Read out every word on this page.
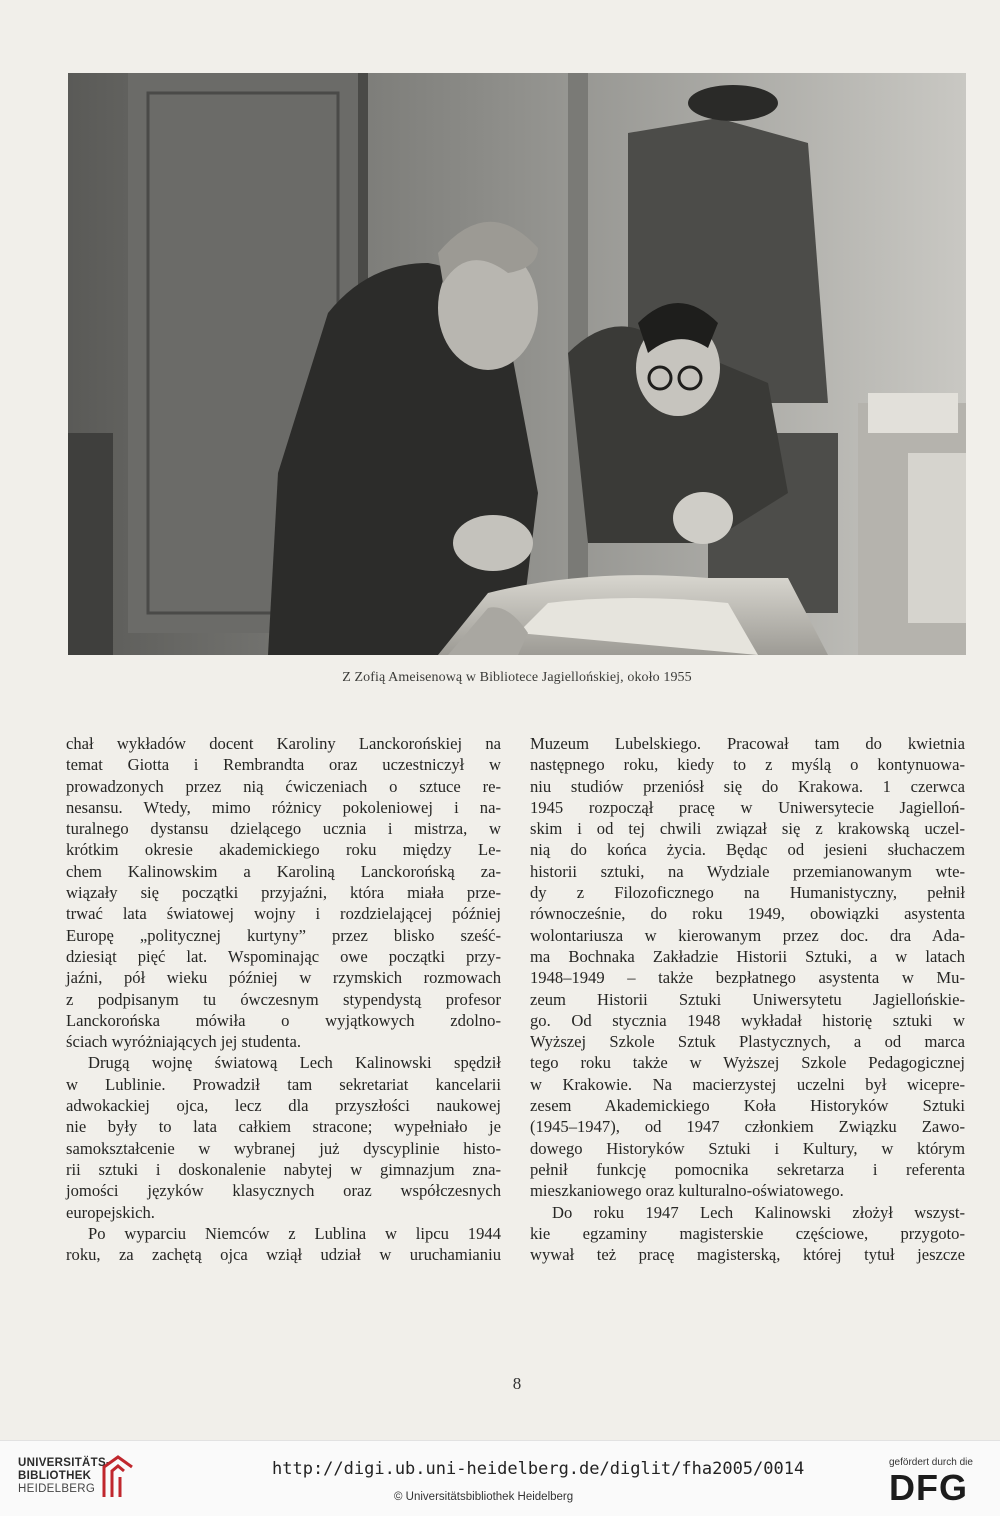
Z Zofią Ameisenową w Bibliotece Jagiellońskiej, około 1955
chał wykładów docent Karoliny Lanckorońskiej na
temat Giotta i Rembrandta oraz uczestniczył w
prowadzonych przez nią ćwiczeniach o sztuce re-
nesansu. Wtedy, mimo różnicy pokoleniowej i na-
turalnego dystansu dzielącego ucznia i mistrza, w
krótkim okresie akademickiego roku między Le-
chem Kalinowskim a Karoliną Lanckorońską za-
wiązały się początki przyjaźni, która miała prze-
trwać lata światowej wojny i rozdzielającej później
Europę „politycznej kurtyny” przez blisko sześć-
dziesiąt pięć lat. Wspominając owe początki przy-
jaźni, pół wieku później w rzymskich rozmowach
z podpisanym tu ówczesnym stypendystą profesor
Lanckorońska mówiła o wyjątkowych zdolno-
ściach wyróżniających jej studenta.
Drugą wojnę światową Lech Kalinowski spędził
w Lublinie. Prowadził tam sekretariat kancelarii
adwokackiej ojca, lecz dla przyszłości naukowej
nie były to lata całkiem stracone; wypełniało je
samokształcenie w wybranej już dyscyplinie histo-
rii sztuki i doskonalenie nabytej w gimnazjum zna-
jomości języków klasycznych oraz współczesnych
europejskich.
Po wyparciu Niemców z Lublina w lipcu 1944
roku, za zachętą ojca wziął udział w uruchamianiu
Muzeum Lubelskiego. Pracował tam do kwietnia
następnego roku, kiedy to z myślą o kontynuowa-
niu studiów przeniósł się do Krakowa. 1 czerwca
1945 rozpoczął pracę w Uniwersytecie Jagielloń-
skim i od tej chwili związał się z krakowską uczel-
nią do końca życia. Będąc od jesieni słuchaczem
historii sztuki, na Wydziale przemianowanym wte-
dy z Filozoficznego na Humanistyczny, pełnił
równocześnie, do roku 1949, obowiązki asystenta
wolontariusza w kierowanym przez doc. dra Ada-
ma Bochnaka Zakładzie Historii Sztuki, a w latach
1948–1949 – także bezpłatnego asystenta w Mu-
zeum Historii Sztuki Uniwersytetu Jagiellońskie-
go. Od stycznia 1948 wykładał historię sztuki w
Wyższej Szkole Sztuk Plastycznych, a od marca
tego roku także w Wyższej Szkole Pedagogicznej
w Krakowie. Na macierzystej uczelni był wicepre-
zesem Akademickiego Koła Historyków Sztuki
(1945–1947), od 1947 członkiem Związku Zawo-
dowego Historyków Sztuki i Kultury, w którym
pełnił funkcję pomocnika sekretarza i referenta
mieszkaniowego oraz kulturalno-oświatowego.
Do roku 1947 Lech Kalinowski złożył wszyst-
kie egzaminy magisterskie częściowe, przygoto-
wywał też pracę magisterską, której tytuł jeszcze
8
UNIVERSITÄTS-
BIBLIOTHEK
HEIDELBERG
http://digi.ub.uni-heidelberg.de/diglit/fha2005/0014
© Universitätsbibliothek Heidelberg
gefördert durch die
DFG
